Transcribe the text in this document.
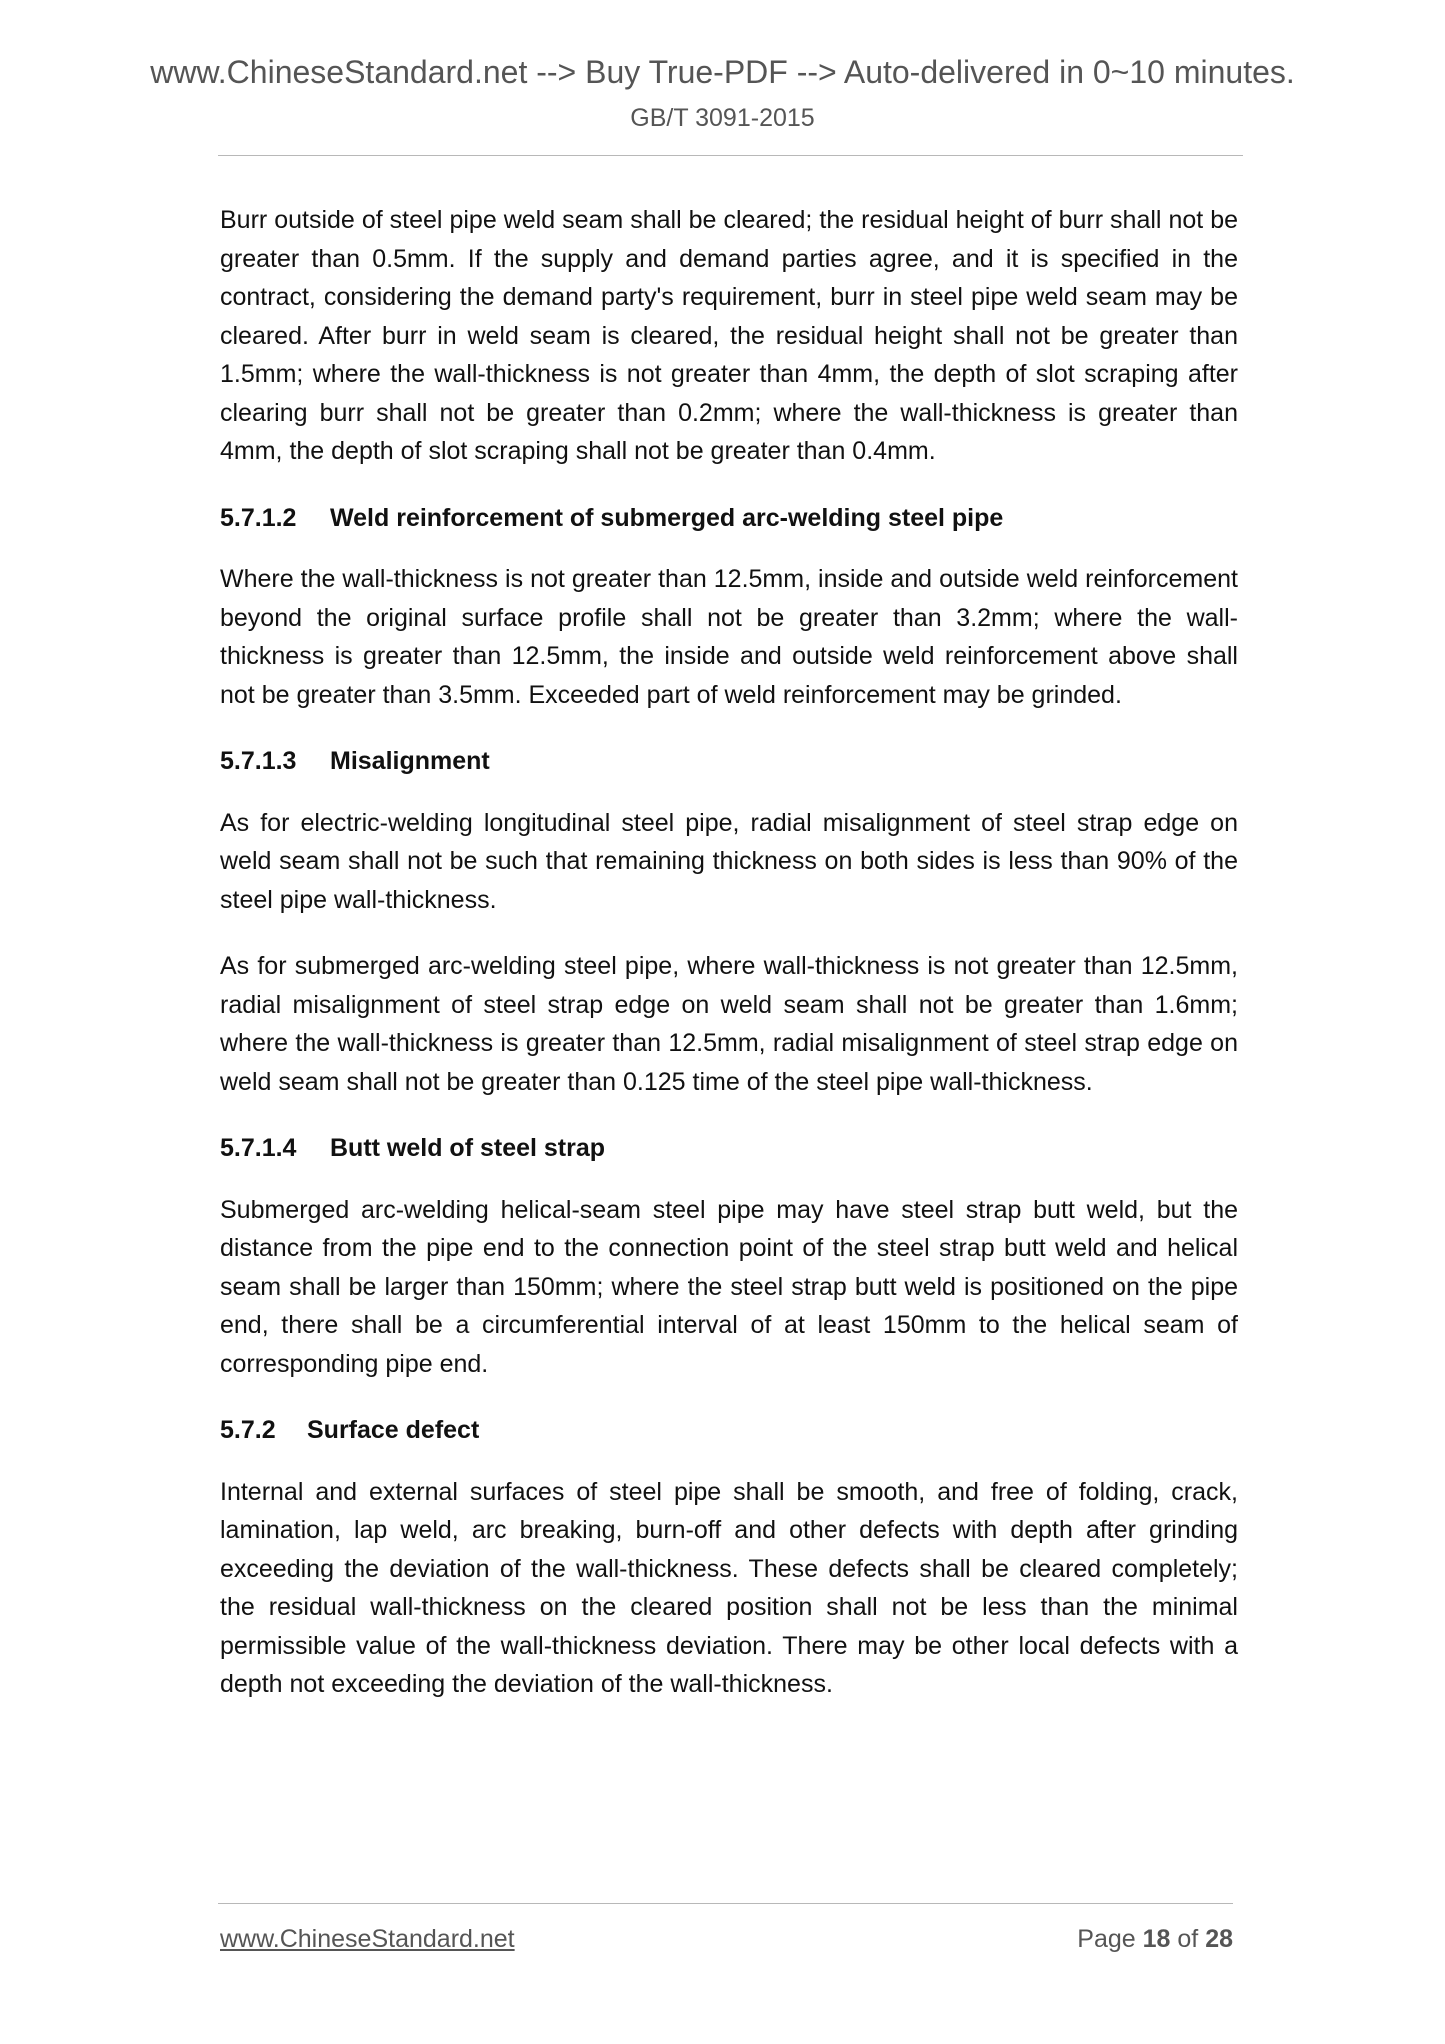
www.ChineseStandard.net --> Buy True-PDF --> Auto-delivered in 0~10 minutes.
GB/T 3091-2015

Burr outside of steel pipe weld seam shall be cleared; the residual height of burr shall not be greater than 0.5mm. If the supply and demand parties agree, and it is specified in the contract, considering the demand party's requirement, burr in steel pipe weld seam may be cleared. After burr in weld seam is cleared, the residual height shall not be greater than 1.5mm; where the wall-thickness is not greater than 4mm, the depth of slot scraping after clearing burr shall not be greater than 0.2mm; where the wall-thickness is greater than 4mm, the depth of slot scraping shall not be greater than 0.4mm.

5.7.1.2 Weld reinforcement of submerged arc-welding steel pipe

Where the wall-thickness is not greater than 12.5mm, inside and outside weld reinforcement beyond the original surface profile shall not be greater than 3.2mm; where the wall-thickness is greater than 12.5mm, the inside and outside weld reinforcement above shall not be greater than 3.5mm. Exceeded part of weld reinforcement may be grinded.

5.7.1.3 Misalignment

As for electric-welding longitudinal steel pipe, radial misalignment of steel strap edge on weld seam shall not be such that remaining thickness on both sides is less than 90% of the steel pipe wall-thickness.

As for submerged arc-welding steel pipe, where wall-thickness is not greater than 12.5mm, radial misalignment of steel strap edge on weld seam shall not be greater than 1.6mm; where the wall-thickness is greater than 12.5mm, radial misalignment of steel strap edge on weld seam shall not be greater than 0.125 time of the steel pipe wall-thickness.

5.7.1.4 Butt weld of steel strap

Submerged arc-welding helical-seam steel pipe may have steel strap butt weld, but the distance from the pipe end to the connection point of the steel strap butt weld and helical seam shall be larger than 150mm; where the steel strap butt weld is positioned on the pipe end, there shall be a circumferential interval of at least 150mm to the helical seam of corresponding pipe end.

5.7.2 Surface defect

Internal and external surfaces of steel pipe shall be smooth, and free of folding, crack, lamination, lap weld, arc breaking, burn-off and other defects with depth after grinding exceeding the deviation of the wall-thickness. These defects shall be cleared completely; the residual wall-thickness on the cleared position shall not be less than the minimal permissible value of the wall-thickness deviation. There may be other local defects with a depth not exceeding the deviation of the wall-thickness.

www.ChineseStandard.net	Page 18 of 28
